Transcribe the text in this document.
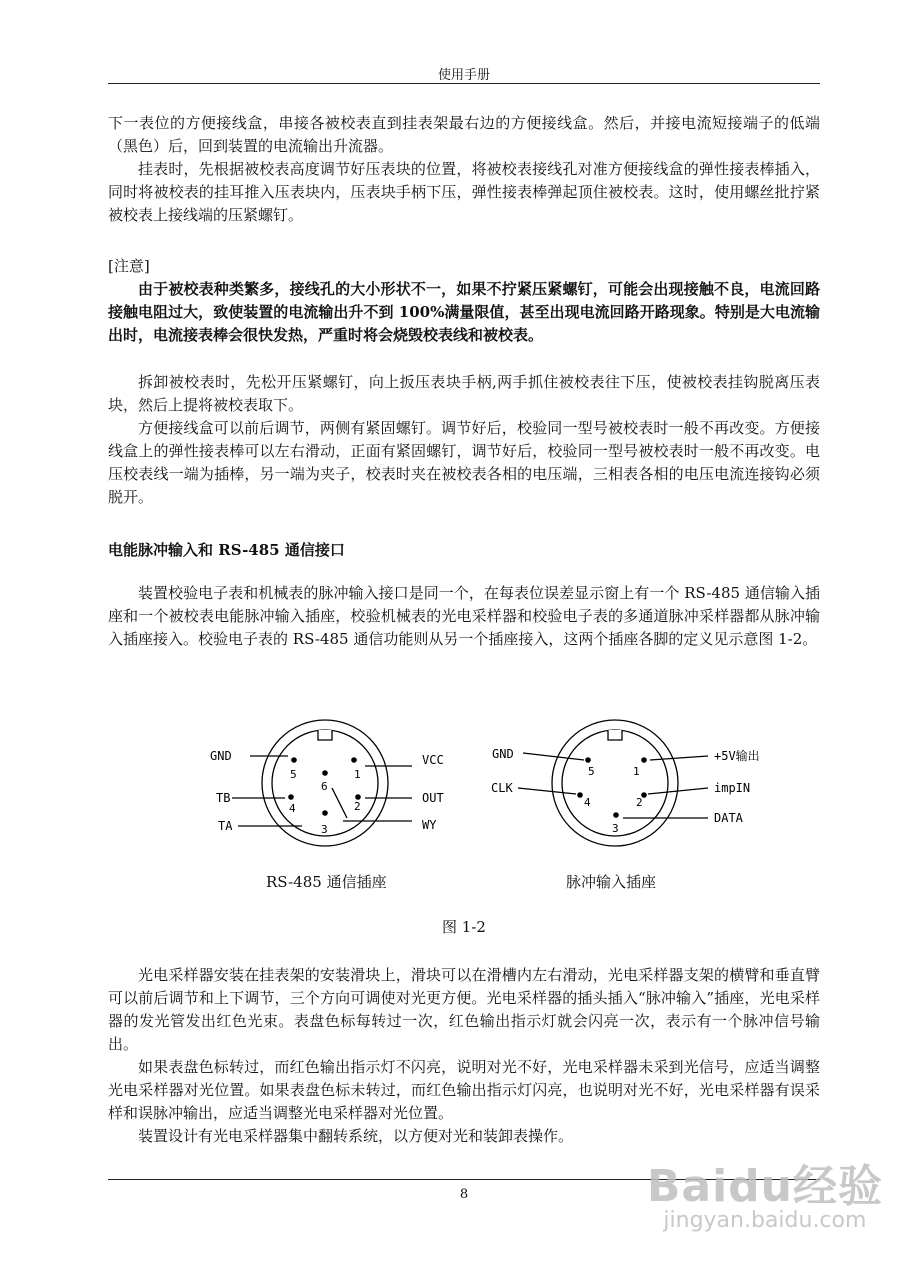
使用手册

下一表位的方便接线盒，串接各被校表直到挂表架最右边的方便接线盒。然后，并接电流短接端子的低端（黑色）后，回到装置的电流输出升流器。

挂表时，先根据被校表高度调节好压表块的位置，将被校表接线孔对准方便接线盒的弹性接表棒插入，同时将被校表的挂耳推入压表块内，压表块手柄下压，弹性接表棒弹起顶住被校表。这时，使用螺丝批拧紧被校表上接线端的压紧螺钉。

[注意]

由于被校表种类繁多，接线孔的大小形状不一，如果不拧紧压紧螺钉，可能会出现接触不良，电流回路接触电阻过大，致使装置的电流输出升不到 100%满量限值，甚至出现电流回路开路现象。特别是大电流输出时，电流接表棒会很快发热，严重时将会烧毁校表线和被校表。

拆卸被校表时，先松开压紧螺钉，向上扳压表块手柄,两手抓住被校表往下压，使被校表挂钩脱离压表块，然后上提将被校表取下。

方便接线盒可以前后调节，两侧有紧固螺钉。调节好后，校验同一型号被校表时一般不再改变。方便接线盒上的弹性接表棒可以左右滑动，正面有紧固螺钉，调节好后，校验同一型号被校表时一般不再改变。电压校表线一端为插棒，另一端为夹子，校表时夹在被校表各相的电压端，三相表各相的电压电流连接钩必须脱开。

电能脉冲输入和 RS-485 通信接口

装置校验电子表和机械表的脉冲输入接口是同一个，在每表位误差显示窗上有一个 RS-485 通信输入插座和一个被校表电能脉冲输入插座，校验机械表的光电采样器和校验电子表的多通道脉冲采样器都从脉冲输入插座接入。校验电子表的 RS-485 通信功能则从另一个插座接入，这两个插座各脚的定义见示意图 1-2。

1
2
3
4
5
6
GND
TB
TA
VCC
OUT
WY
1
2
3
4
5
GND
CLK
+5V输出
impIN
DATA
RS-485 通信插座	脉冲输入插座
图 1-2

光电采样器安装在挂表架的安装滑块上，滑块可以在滑槽内左右滑动，光电采样器支架的横臂和垂直臂可以前后调节和上下调节，三个方向可调使对光更方便。光电采样器的插头插入“脉冲输入”插座，光电采样器的发光管发出红色光束。表盘色标每转过一次，红色输出指示灯就会闪亮一次，表示有一个脉冲信号输出。

如果表盘色标转过，而红色输出指示灯不闪亮，说明对光不好，光电采样器未采到光信号，应适当调整光电采样器对光位置。如果表盘色标未转过，而红色输出指示灯闪亮，也说明对光不好，光电采样器有误采样和误脉冲输出，应适当调整光电采样器对光位置。

装置设计有光电采样器集中翻转系统，以方便对光和装卸表操作。

8	Baidu经验
jingyan.baidu.com
